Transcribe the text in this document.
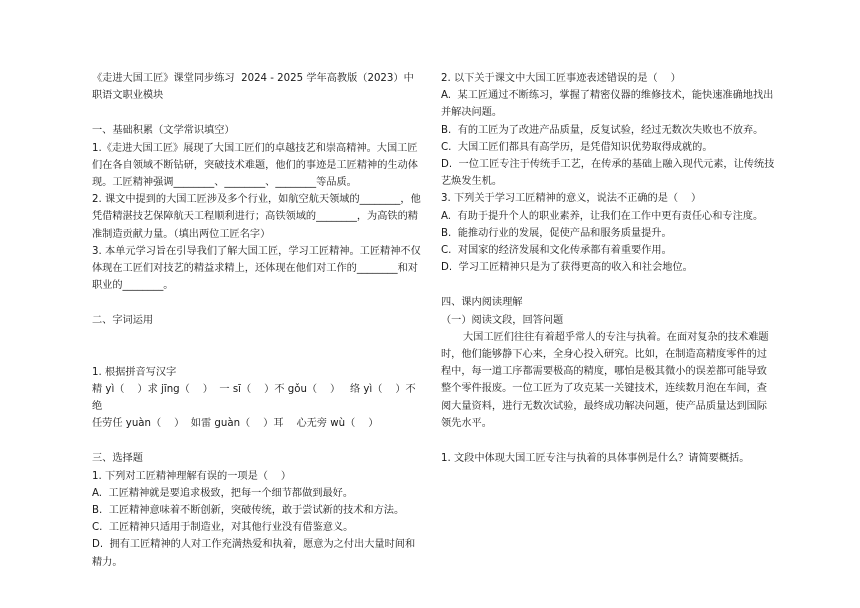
《走进大国工匠》课堂同步练习  2024 - 2025 学年高教版（2023）中职语文职业模块

一、基础积累（文学常识填空）

1.《走进大国工匠》展现了大国工匠们的卓越技艺和崇高精神。大国工匠们在各自领域不断钻研，突破技术难题，他们的事迹是工匠精神的生动体现。工匠精神强调________、________、________等品质。

2. 课文中提到的大国工匠涉及多个行业，如航空航天领域的________，他凭借精湛技艺保障航天工程顺利进行；高铁领域的________，为高铁的精准制造贡献力量。（填出两位工匠名字）

3. 本单元学习旨在引导我们了解大国工匠，学习工匠精神。工匠精神不仅体现在工匠们对技艺的精益求精上，还体现在他们对工作的________和对职业的________。

二、字词运用

1. 根据拼音写汉字

精 yì（    ）求 jīng（    ）  一 sī（    ）不 gǒu（    ）   络 yì（    ）不绝

任劳任 yuàn（    ）  如雷 guàn（    ）耳    心无旁 wù（    ）

三、选择题

1. 下列对工匠精神理解有误的一项是（    ）

A.  工匠精神就是要追求极致，把每一个细节都做到最好。

B.  工匠精神意味着不断创新，突破传统，敢于尝试新的技术和方法。

C.  工匠精神只适用于制造业，对其他行业没有借鉴意义。

D.  拥有工匠精神的人对工作充满热爱和执着，愿意为之付出大量时间和精力。

2. 以下关于课文中大国工匠事迹表述错误的是（    ）

A.  某工匠通过不断练习，掌握了精密仪器的维修技术，能快速准确地找出并解决问题。

B.  有的工匠为了改进产品质量，反复试验，经过无数次失败也不放弃。

C.  大国工匠们都具有高学历，是凭借知识优势取得成就的。

D.  一位工匠专注于传统手工艺，在传承的基础上融入现代元素，让传统技艺焕发生机。

3. 下列关于学习工匠精神的意义，说法不正确的是（    ）

A.  有助于提升个人的职业素养，让我们在工作中更有责任心和专注度。

B.  能推动行业的发展，促使产品和服务质量提升。

C.  对国家的经济发展和文化传承都有着重要作用。

D.  学习工匠精神只是为了获得更高的收入和社会地位。

四、课内阅读理解

（一）阅读文段，回答问题

大国工匠们往往有着超乎常人的专注与执着。在面对复杂的技术难题时，他们能够静下心来，全身心投入研究。比如，在制造高精度零件的过程中，每一道工序都需要极高的精度，哪怕是极其微小的误差都可能导致整个零件报废。一位工匠为了攻克某一关键技术，连续数月泡在车间，查阅大量资料，进行无数次试验，最终成功解决问题，使产品质量达到国际领先水平。

1. 文段中体现大国工匠专注与执着的具体事例是什么？请简要概括。
